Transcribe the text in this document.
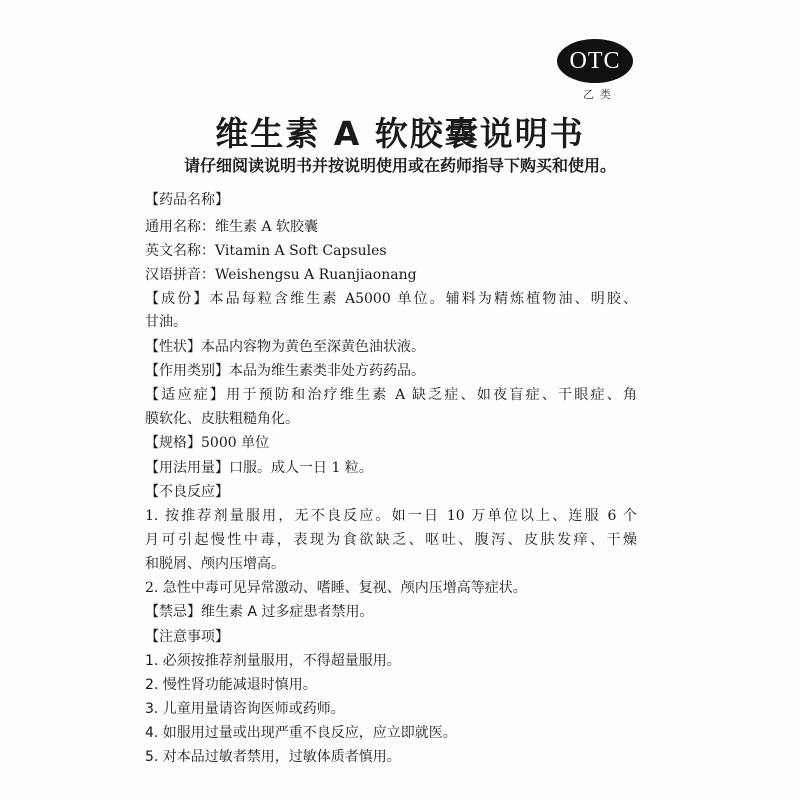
OTC
乙类
维生素 A 软胶囊说明书
请仔细阅读说明书并按说明使用或在药师指导下购买和使用。
【药品名称】
通用名称：维生素 A 软胶囊
英文名称：Vitamin A Soft Capsules
汉语拼音：Weishengsu A Ruanjiaonang
【成份】本品每粒含维生素 A5000 单位。辅料为精炼植物油、明胶、
甘油。
【性状】本品内容物为黄色至深黄色油状液。
【作用类别】本品为维生素类非处方药药品。
【适应症】用于预防和治疗维生素 A 缺乏症、如夜盲症、干眼症、角
膜软化、皮肤粗糙角化。
【规格】5000 单位
【用法用量】口服。成人一日 1 粒。
【不良反应】
1. 按推荐剂量服用，无不良反应。如一日 10 万单位以上、连服 6 个
月可引起慢性中毒，表现为食欲缺乏、呕吐、腹泻、皮肤发痒、干燥
和脱屑、颅内压增高。
2. 急性中毒可见异常激动、嗜睡、复视、颅内压增高等症状。
【禁忌】维生素 A 过多症患者禁用。
【注意事项】
1. 必须按推荐剂量服用，不得超量服用。
2. 慢性肾功能减退时慎用。
3. 儿童用量请咨询医师或药师。
4. 如服用过量或出现严重不良反应，应立即就医。
5. 对本品过敏者禁用，过敏体质者慎用。
